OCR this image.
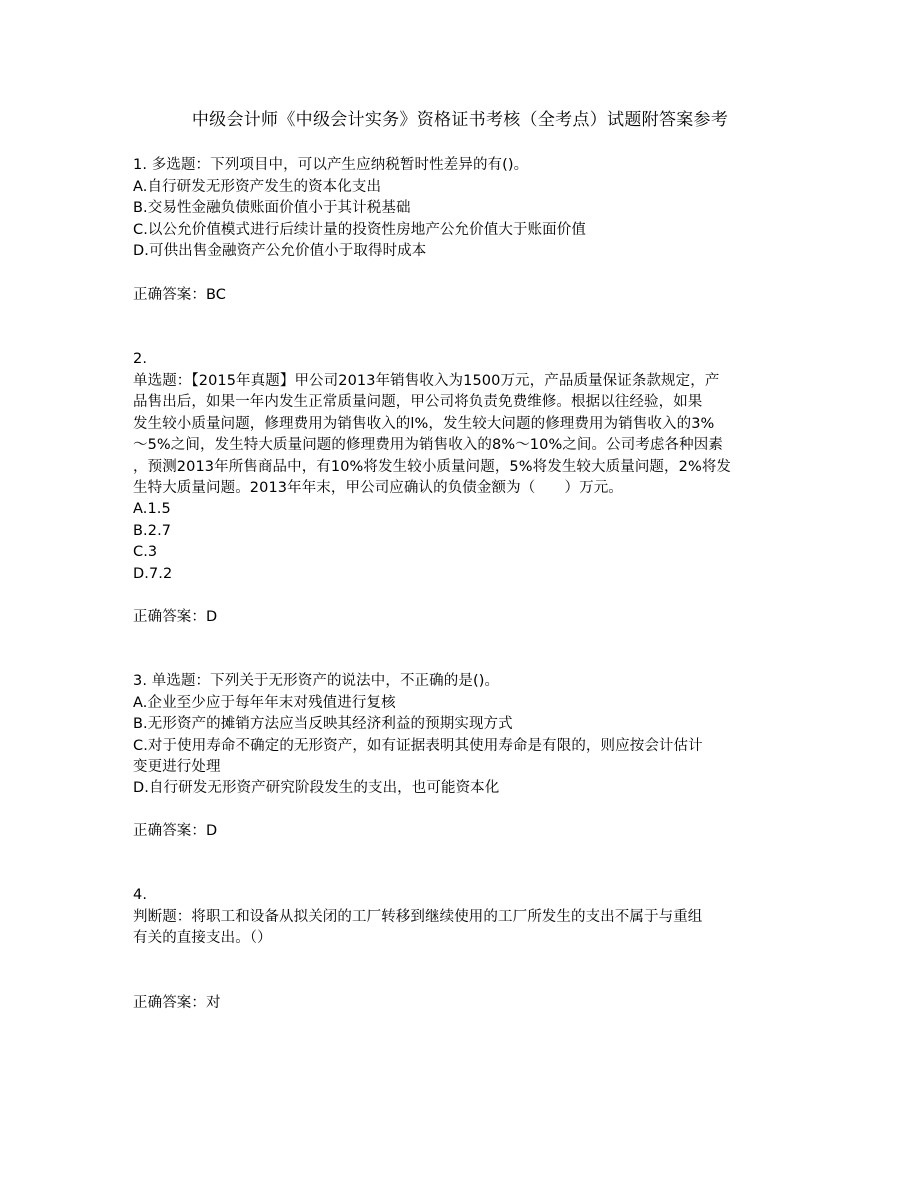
中级会计师《中级会计实务》资格证书考核（全考点）试题附答案参考
1. 多选题：下列项目中，可以产生应纳税暂时性差异的有()。
A.自行研发无形资产发生的资本化支出
B.交易性金融负债账面价值小于其计税基础
C.以公允价值模式进行后续计量的投资性房地产公允价值大于账面价值
D.可供出售金融资产公允价值小于取得时成本
正确答案：BC
2.
单选题：【2015年真题】甲公司2013年销售收入为1500万元，产品质量保证条款规定，产
品售出后，如果一年内发生正常质量问题，甲公司将负责免费维修。根据以往经验，如果
发生较小质量问题，修理费用为销售收入的l%，发生较大问题的修理费用为销售收入的3%
～5%之间，发生特大质量问题的修理费用为销售收入的8%～10%之间。公司考虑各种因素
，预测2013年所售商品中，有10%将发生较小质量问题，5%将发生较大质量问题，2%将发
生特大质量问题。2013年年末，甲公司应确认的负债金额为（　　）万元。
A.1.5
B.2.7
C.3
D.7.2
正确答案：D
3. 单选题：下列关于无形资产的说法中，不正确的是()。
A.企业至少应于每年年末对残值进行复核
B.无形资产的摊销方法应当反映其经济利益的预期实现方式
C.对于使用寿命不确定的无形资产，如有证据表明其使用寿命是有限的，则应按会计估计
变更进行处理
D.自行研发无形资产研究阶段发生的支出，也可能资本化
正确答案：D
4.
判断题：将职工和设备从拟关闭的工厂转移到继续使用的工厂所发生的支出不属于与重组
有关的直接支出。（）
正确答案：对
